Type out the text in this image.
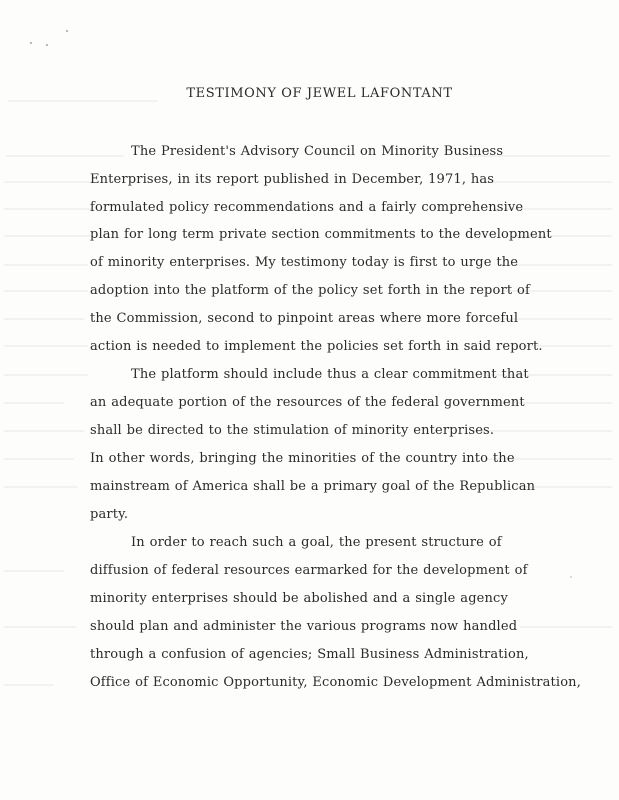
TESTIMONY OF JEWEL LAFONTANT
The President's Advisory Council on Minority Business
Enterprises, in its report published in December, 1971, has
formulated policy recommendations and a fairly comprehensive
plan for long term private section commitments to the development
of minority enterprises. My testimony today is first to urge the
adoption into the platform of the policy set forth in the report of
the Commission, second to pinpoint areas where more forceful
action is needed to implement the policies set forth in said report.
The platform should include thus a clear commitment that
an adequate portion of the resources of the federal government
shall be directed to the stimulation of minority enterprises.
In other words, bringing the minorities of the country into the
mainstream of America shall be a primary goal of the Republican
party.
In order to reach such a goal, the present structure of
diffusion of federal resources earmarked for the development of
minority enterprises should be abolished and a single agency
should plan and administer the various programs now handled
through a confusion of agencies; Small Business Administration,
Office of Economic Opportunity, Economic Development Administration,
